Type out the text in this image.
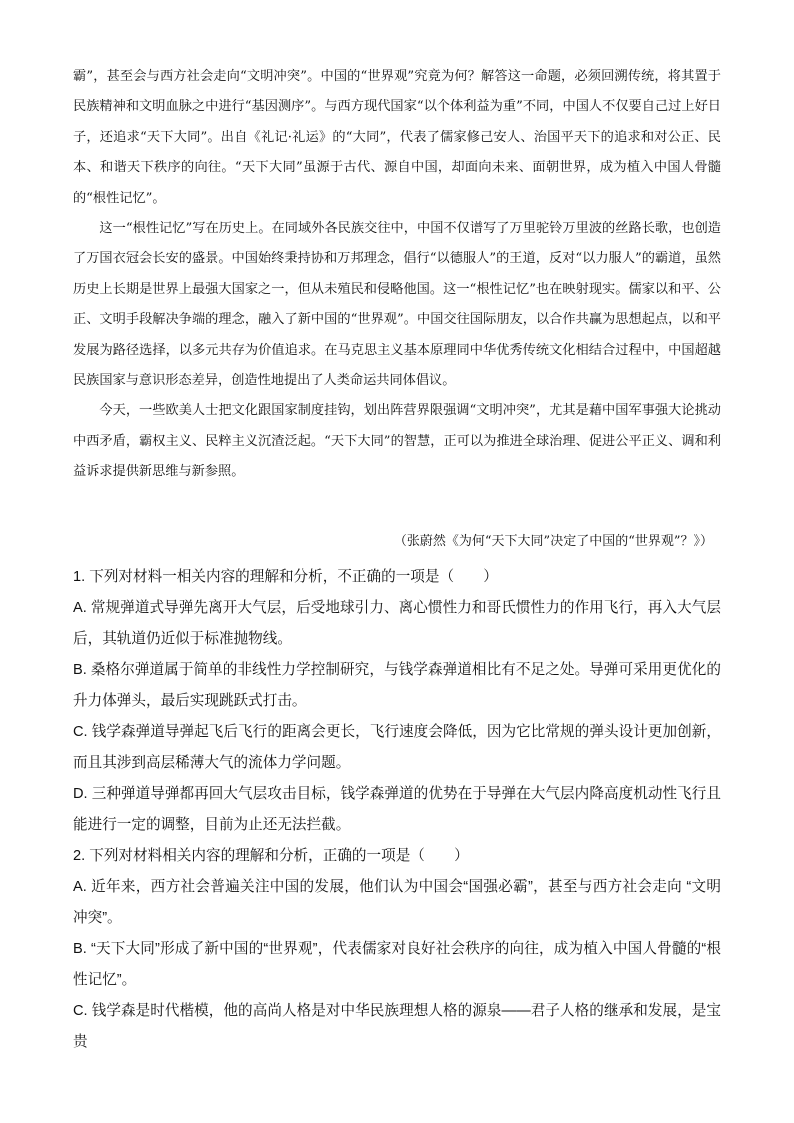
霸”，甚至会与西方社会走向“文明冲突”。中国的“世界观”究竟为何？解答这一命题，必须回溯传统，将其置于民族精神和文明血脉之中进行“基因测序”。与西方现代国家“以个体利益为重”不同，中国人不仅要自己过上好日子，还追求“天下大同”。出自《礼记·礼运》的“大同”，代表了儒家修己安人、治国平天下的追求和对公正、民本、和谐天下秩序的向往。“天下大同”虽源于古代、源自中国，却面向未来、面朝世界，成为植入中国人骨髓的“根性记忆”。

这一“根性记忆”写在历史上。在同域外各民族交往中，中国不仅谱写了万里驼铃万里波的丝路长歌，也创造了万国衣冠会长安的盛景。中国始终秉持协和万邦理念，倡行“以德服人”的王道，反对“以力服人”的霸道，虽然历史上长期是世界上最强大国家之一，但从未殖民和侵略他国。这一“根性记忆”也在映射现实。儒家以和平、公正、文明手段解决争端的理念，融入了新中国的“世界观”。中国交往国际朋友，以合作共赢为思想起点，以和平发展为路径选择，以多元共存为价值追求。在马克思主义基本原理同中华优秀传统文化相结合过程中，中国超越民族国家与意识形态差异，创造性地提出了人类命运共同体倡议。

今天，一些欧美人士把文化跟国家制度挂钩，划出阵营界限强调“文明冲突”，尤其是藉中国军事强大论挑动中西矛盾，霸权主义、民粹主义沉渣泛起。“天下大同”的智慧，正可以为推进全球治理、促进公平正义、调和利益诉求提供新思维与新参照。

（张蔚然《为何“天下大同”决定了中国的“世界观”？》）

1. 下列对材料一相关内容的理解和分析，不正确的一项是（　　）

A. 常规弹道式导弹先离开大气层，后受地球引力、离心惯性力和哥氏惯性力的作用飞行，再入大气层后，其轨道仍近似于标准抛物线。

B. 桑格尔弹道属于简单的非线性力学控制研究，与钱学森弹道相比有不足之处。导弹可采用更优化的升力体弹头，最后实现跳跃式打击。

C. 钱学森弹道导弹起飞后飞行的距离会更长，飞行速度会降低，因为它比常规的弹头设计更加创新，而且其涉到高层稀薄大气的流体力学问题。

D. 三种弹道导弹都再回大气层攻击目标，钱学森弹道的优势在于导弹在大气层内降高度机动性飞行且能进行一定的调整，目前为止还无法拦截。

2. 下列对材料相关内容的理解和分析，正确的一项是（　　）

A. 近年来，西方社会普遍关注中国的发展，他们认为中国会“国强必霸”，甚至与西方社会走向 “文明冲突”。

B. “天下大同”形成了新中国的“世界观”，代表儒家对良好社会秩序的向往，成为植入中国人骨髓的“根性记忆”。

C. 钱学森是时代楷模，他的高尚人格是对中华民族理想人格的源泉——君子人格的继承和发展，是宝贵
